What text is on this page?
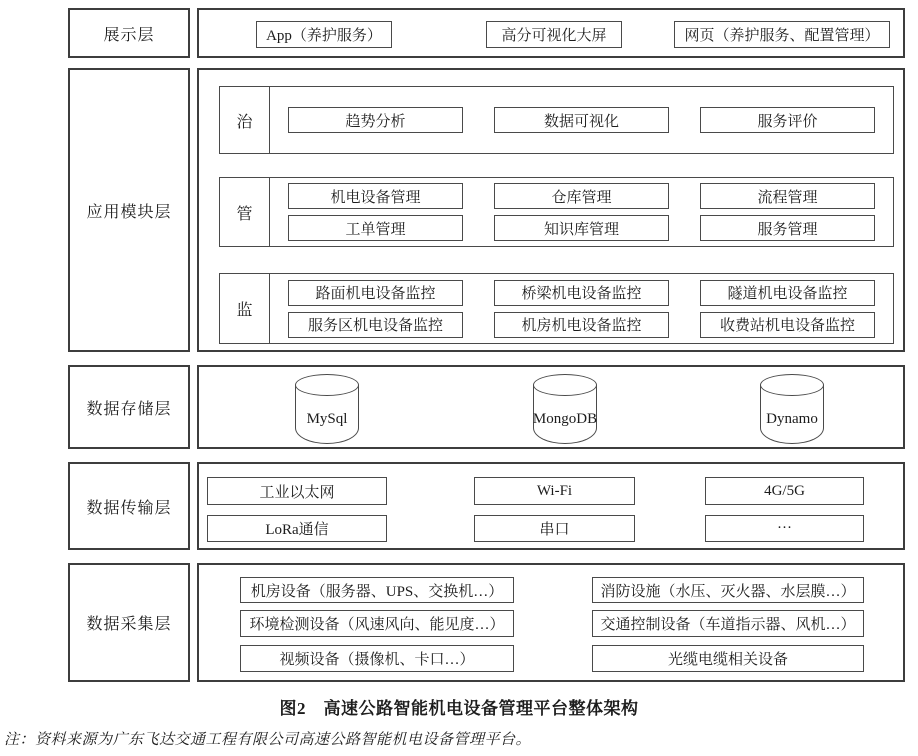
展示层	App（养护服务）	高分可视化大屏	网页（养护服务、配置管理）
应用模块层
治	趋势分析	数据可视化	服务评价
管
机电设备管理	仓库管理	流程管理
工单管理	知识库管理	服务管理
监
路面机电设备监控	桥梁机电设备监控	隧道机电设备监控
服务区机电设备监控	机房机电设备监控	收费站机电设备监控
数据存储层
MySql	MongoDB	Dynamo
数据传输层
工业以太网	Wi-Fi	4G/5G
LoRa通信	串口	···
数据采集层
机房设备（服务器、UPS、交换机…）	消防设施（水压、灭火器、水层膜…）
环境检测设备（风速风向、能见度…）	交通控制设备（车道指示器、风机…）
视频设备（摄像机、卡口…）	光缆电缆相关设备
图2　高速公路智能机电设备管理平台整体架构
注：资料来源为广东飞达交通工程有限公司高速公路智能机电设备管理平台。
